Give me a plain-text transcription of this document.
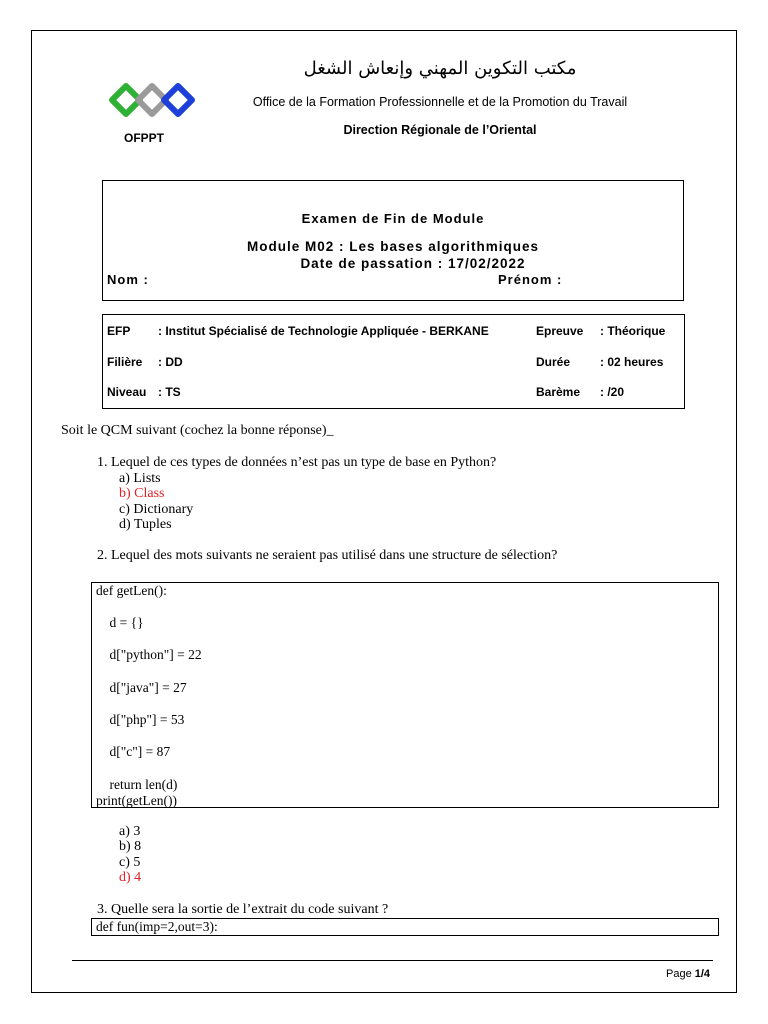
OFPPT
مكتب التكوين المهني وإنعاش الشغل
Office de la Formation Professionnelle et de la Promotion du Travail
Direction Régionale de l’Oriental
Examen de Fin de Module
Module M02 : Les bases algorithmiques
Date de passation : 17/02/2022
Nom :	Prénom :
EFP : Institut Spécialisé de Technologie Appliquée - BERKANE	Epreuve : Théorique
Filière : DD	Durée : 02 heures
Niveau : TS	Barème : /20
Soit le QCM suivant (cochez la bonne réponse)_
1. Lequel de ces types de données n’est pas un type de base en Python?
a) Lists
b) Class
c) Dictionary
d) Tuples
2. Lequel des mots suivants ne seraient pas utilisé dans une structure de sélection?
def getLen():
d = {}
d["python"] = 22
d["java"] = 27
d["php"] = 53
d["c"] = 87
return len(d)
print(getLen())
a) 3
b) 8
c) 5
d) 4
3. Quelle sera la sortie de l’extrait du code suivant ?
def fun(imp=2,out=3):
Page 1/4
